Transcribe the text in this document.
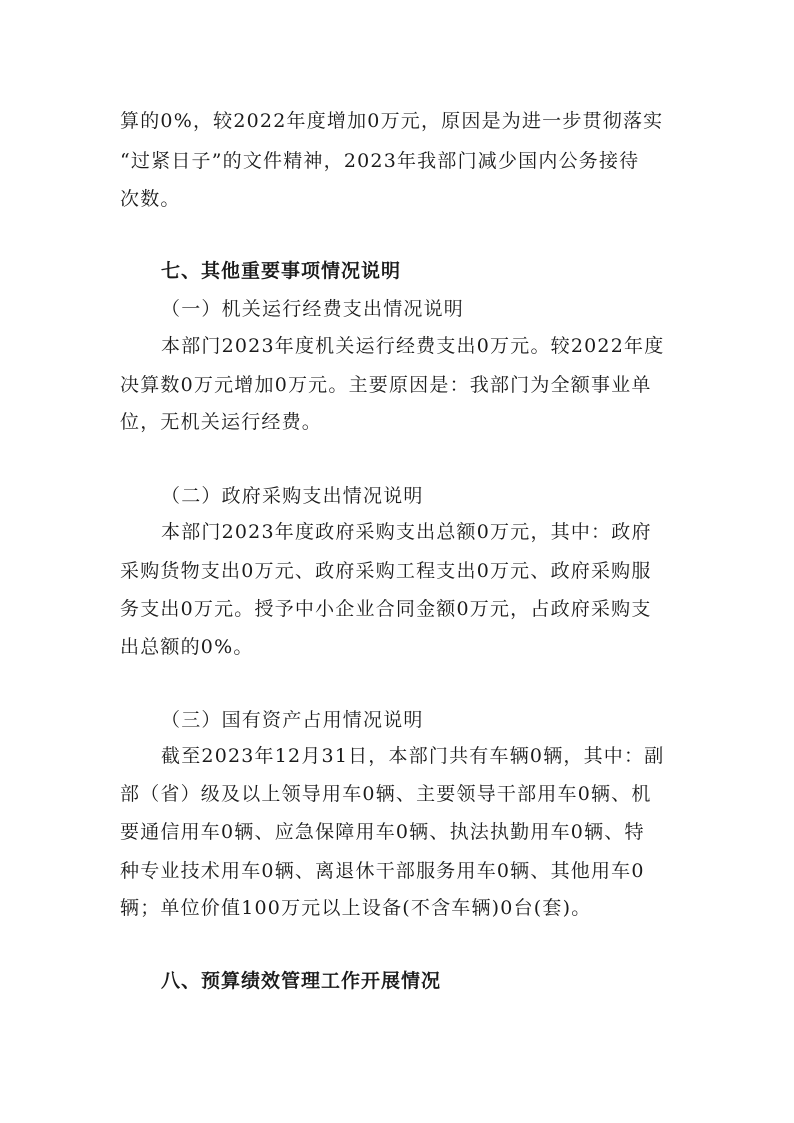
算的0%，较2022年度增加0万元，原因是为进一步贯彻落实
“过紧日子”的文件精神，2023年我部门减少国内公务接待
次数。
七、其他重要事项情况说明
（一）机关运行经费支出情况说明
本部门2023年度机关运行经费支出0万元。较2022年度
决算数0万元增加0万元。主要原因是：我部门为全额事业单
位，无机关运行经费。
（二）政府采购支出情况说明
本部门2023年度政府采购支出总额0万元，其中：政府
采购货物支出0万元、政府采购工程支出0万元、政府采购服
务支出0万元。授予中小企业合同金额0万元，占政府采购支
出总额的0%。
（三）国有资产占用情况说明
截至2023年12月31日，本部门共有车辆0辆，其中：副
部（省）级及以上领导用车0辆、主要领导干部用车0辆、机
要通信用车0辆、应急保障用车0辆、执法执勤用车0辆、特
种专业技术用车0辆、离退休干部服务用车0辆、其他用车0
辆；单位价值100万元以上设备(不含车辆)0台(套)。
八、预算绩效管理工作开展情况
